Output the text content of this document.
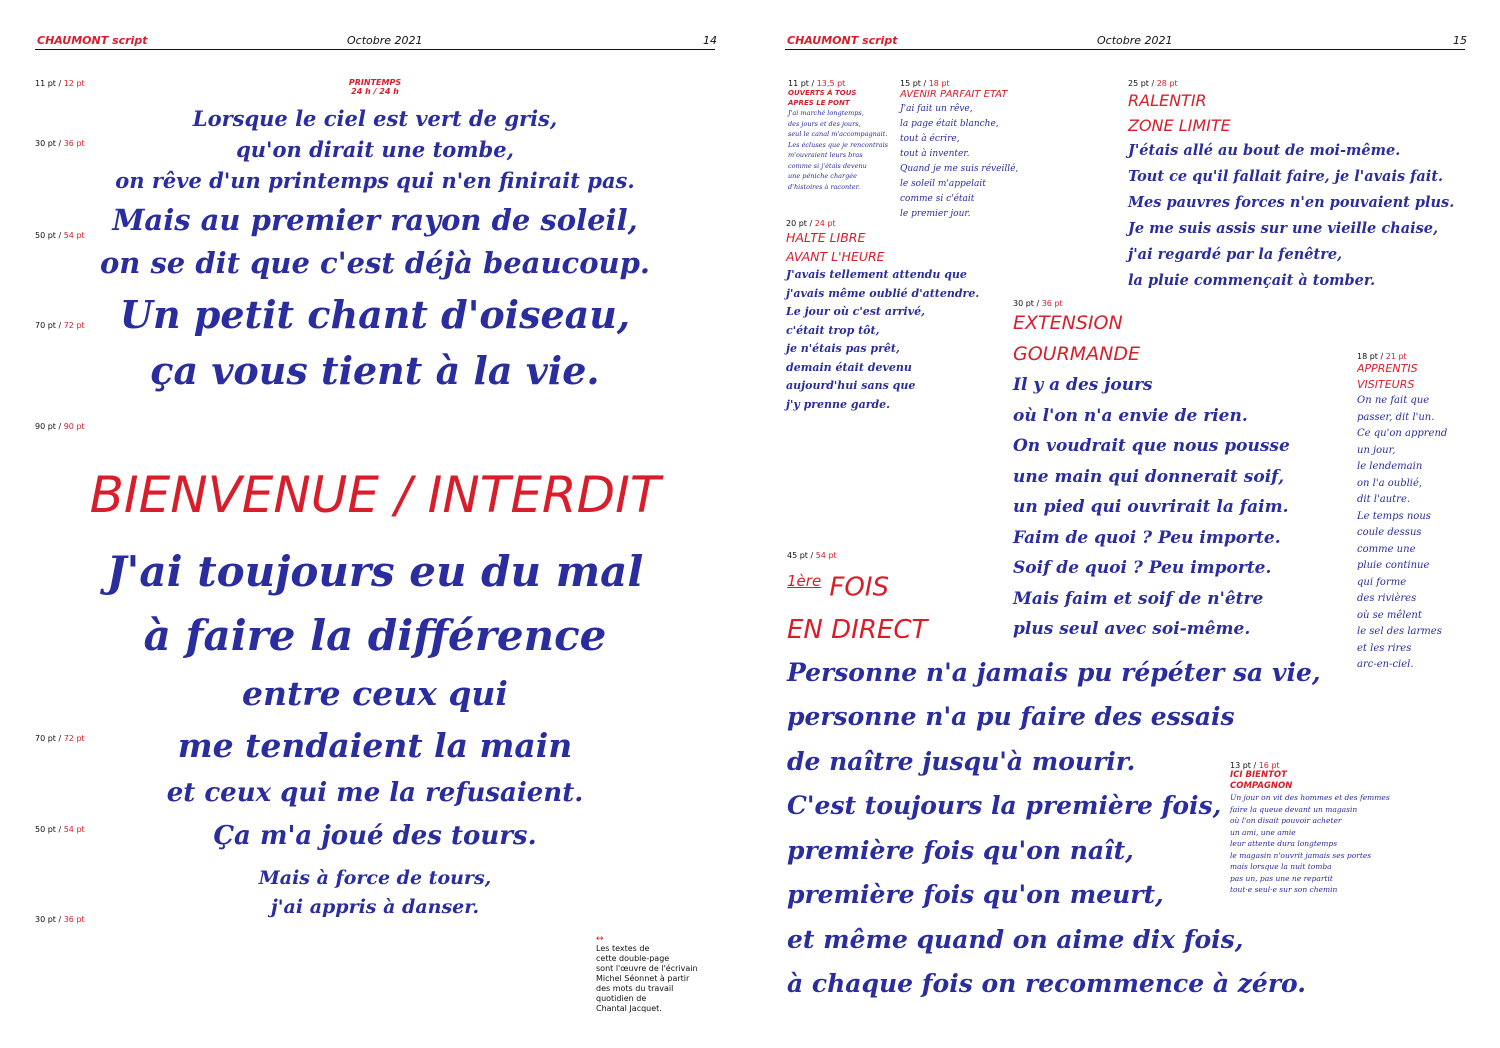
CHAUMONT script	Octobre 2021	14
11 pt / 12 pt
30 pt / 36 pt
50 pt / 54 pt
70 pt / 72 pt
90 pt / 90 pt
70 pt / 72 pt
50 pt / 54 pt
30 pt / 36 pt
PRINTEMPS
24 h / 24 h
Lorsque le ciel est vert de gris,
qu'on dirait une tombe,
on rêve d'un printemps qui n'en finirait pas.
Mais au premier rayon de soleil,
on se dit que c'est déjà beaucoup.
Un petit chant d'oiseau,
ça vous tient à la vie.
BIENVENUE / INTERDIT
J'ai toujours eu du mal
à faire la différence
entre ceux qui
me tendaient la main
et ceux qui me la refusaient.
Ça m'a joué des tours.
Mais à force de tours,
j'ai appris à danser.
↔
Les textes de
cette double-page
sont l'œuvre de l'écrivain
Michel Séonnet à partir
des mots du travail
quotidien de
Chantal Jacquet.
CHAUMONT script	Octobre 2021	15
11 pt / 13,5 pt
OUVERTS À TOUS
APRES LE PONT
J'ai marché longtemps,
des jours et des jours,
seul le canal m'accompagnait.
Les écluses que je rencontrais
m'ouvraient leurs bras
comme si j'étais devenu
une péniche chargée
d'histoires à raconter.
15 pt / 18 pt
AVENIR PARFAIT ETAT
J'ai fait un rêve,
la page était blanche,
tout à écrire,
tout à inventer.
Quand je me suis réveillé,
le soleil m'appelait
comme si c'était
le premier jour.
25 pt / 28 pt
RALENTIR
ZONE LIMITE
J'étais allé au bout de moi-même.
Tout ce qu'il fallait faire, je l'avais fait.
Mes pauvres forces n'en pouvaient plus.
Je me suis assis sur une vieille chaise,
j'ai regardé par la fenêtre,
la pluie commençait à tomber.
20 pt / 24 pt
HALTE LIBRE
AVANT L'HEURE
J'avais tellement attendu que
j'avais même oublié d'attendre.
Le jour où c'est arrivé,
c'était trop tôt,
je n'étais pas prêt,
demain était devenu
aujourd'hui sans que
j'y prenne garde.
30 pt / 36 pt
EXTENSION
GOURMANDE
Il y a des jours
où l'on n'a envie de rien.
On voudrait que nous pousse
une main qui donnerait soif,
un pied qui ouvrirait la faim.
Faim de quoi ? Peu importe.
Soif de quoi ? Peu importe.
Mais faim et soif de n'être
plus seul avec soi-même.
18 pt / 21 pt
APPRENTIS
VISITEURS
On ne fait que
passer, dit l'un.
Ce qu'on apprend
un jour,
le lendemain
on l'a oublié,
dit l'autre.
Le temps nous
coule dessus
comme une
pluie continue
qui forme
des rivières
où se mêlent
le sel des larmes
et les rires
arc-en-ciel.
45 pt / 54 pt
$^{1ère}$ FOIS
EN DIRECT
Personne n'a jamais pu répéter sa vie,
personne n'a pu faire des essais
de naître jusqu'à mourir.
C'est toujours la première fois,
première fois qu'on naît,
première fois qu'on meurt,
et même quand on aime dix fois,
à chaque fois on recommence à zéro.
13 pt / 16 pt
ICI BIENTOT
COMPAGNON
Un jour on vit des hommes et des femmes
faire la queue devant un magasin
où l'on disait pouvoir acheter
un ami, une amie
leur attente dura longtemps
le magasin n'ouvrit jamais ses portes
mais lorsque la nuit tomba
pas un, pas une ne repartit
tout·e seul·e sur son chemin
